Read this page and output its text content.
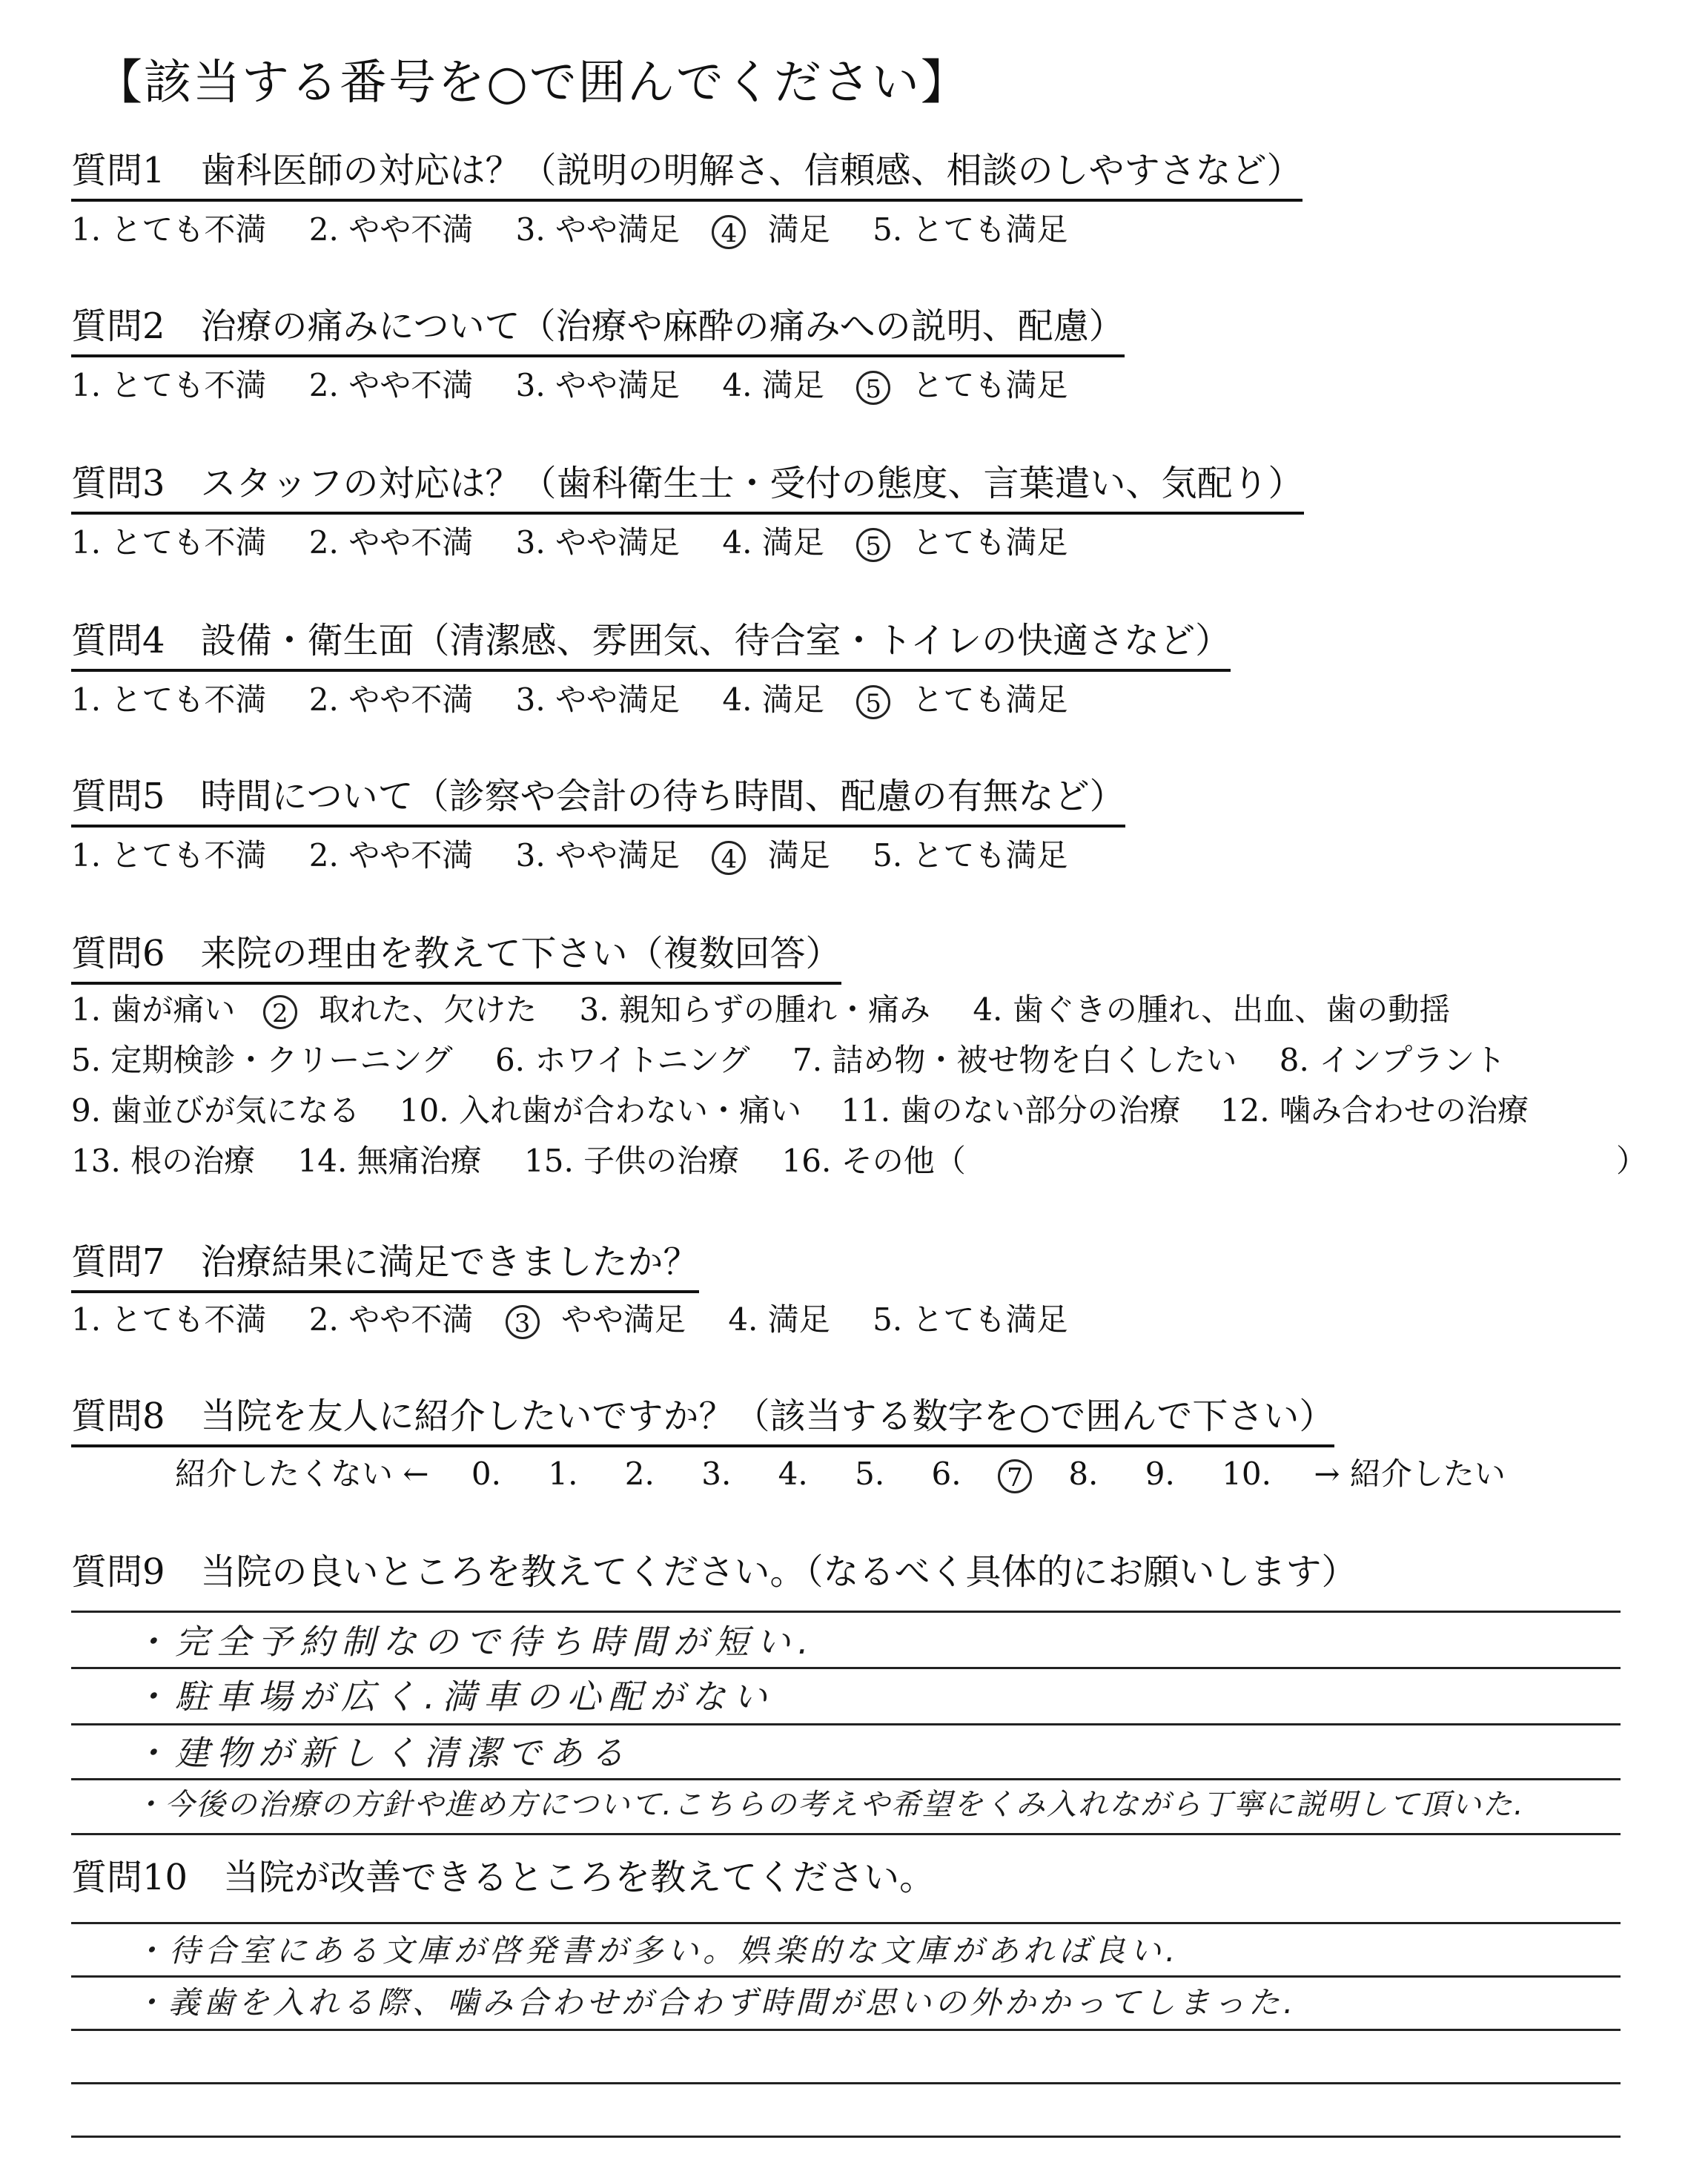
【該当する番号を○で囲んでください】
質問1　歯科医師の対応は？（説明の明解さ、信頼感、相談のしやすさなど）
1. とても不満 2. やや不満 3. やや満足 4 満足 5. とても満足
質問2　治療の痛みについて（治療や麻酔の痛みへの説明、配慮）
1. とても不満 2. やや不満 3. やや満足 4. 満足 5 とても満足
質問3　スタッフの対応は？（歯科衛生士・受付の態度、言葉遣い、気配り）
1. とても不満 2. やや不満 3. やや満足 4. 満足 5 とても満足
質問4　設備・衛生面（清潔感、雰囲気、待合室・トイレの快適さなど）
1. とても不満 2. やや不満 3. やや満足 4. 満足 5 とても満足
質問5　時間について（診察や会計の待ち時間、配慮の有無など）
1. とても不満 2. やや不満 3. やや満足 4 満足 5. とても満足
質問6　来院の理由を教えて下さい（複数回答）
1. 歯が痛い 2 取れた、欠けた 3. 親知らずの腫れ・痛み 4. 歯ぐきの腫れ、出血、歯の動揺
5. 定期検診・クリーニング 6. ホワイトニング 7. 詰め物・被せ物を白くしたい 8. インプラント
9. 歯並びが気になる 10. 入れ歯が合わない・痛い 11. 歯のない部分の治療 12. 噛み合わせの治療
13. 根の治療 14. 無痛治療 15. 子供の治療 16. その他（	）
質問7　治療結果に満足できましたか？
1. とても不満 2. やや不満 3 やや満足 4. 満足 5. とても満足
質問8　当院を友人に紹介したいですか？（該当する数字を○で囲んで下さい）
紹介したくない ← 0. 1. 2. 3. 4. 5. 6. 7 8. 9. 10. → 紹介したい
質問9　当院の良いところを教えてください。（なるべく具体的にお願いします）
・完全予約制なので待ち時間が短い.
・駐車場が広く.満車の心配がない
・建物が新しく清潔である
・今後の治療の方針や進め方について.こちらの考えや希望をくみ入れながら丁寧に説明して頂いた.
質問10　当院が改善できるところを教えてください。
・待合室にある文庫が啓発書が多い。娯楽的な文庫があれば良い.
・義歯を入れる際、噛み合わせが合わず時間が思いの外かかってしまった.
